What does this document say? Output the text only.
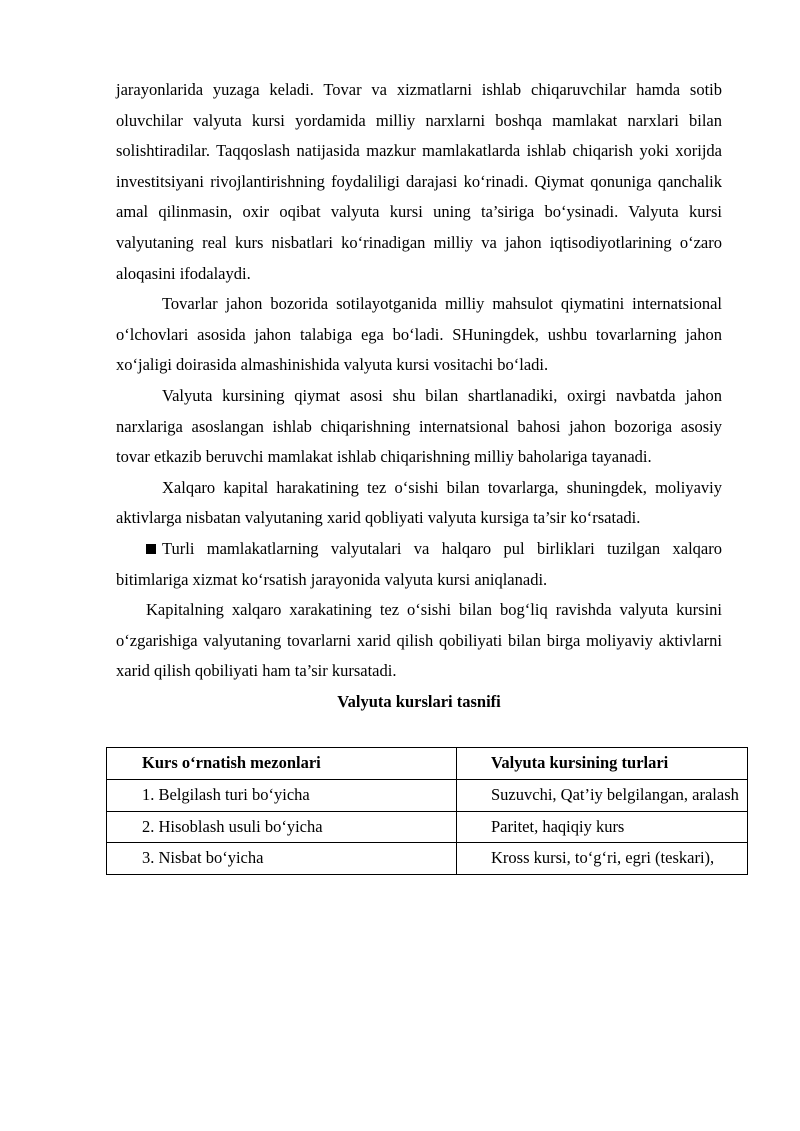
jarayonlarida yuzaga keladi. Tovar va xizmatlarni ishlab chiqaruvchilar hamda sotib oluvchilar valyuta kursi yordamida milliy narxlarni boshqa mamlakat narxlari bilan solishtiradilar. Taqqoslash natijasida mazkur mamlakatlarda ishlab chiqarish yoki xorijda investitsiyani rivojlantirishning foydaliligi darajasi ko‘rinadi. Qiymat qonuniga qanchalik amal qilinmasin, oxir oqibat valyuta kursi uning ta’siriga bo‘ysinadi. Valyuta kursi valyutaning real kurs nisbatlari ko‘rinadigan milliy va jahon iqtisodiyotlarining o‘zaro aloqasini ifodalaydi.

Tovarlar jahon bozorida sotilayotganida milliy mahsulot qiymatini internatsional o‘lchovlari asosida jahon talabiga ega bo‘ladi. SHuningdek, ushbu tovarlarning jahon xo‘jaligi doirasida almashinishida valyuta kursi vositachi bo‘ladi.

Valyuta kursining qiymat asosi shu bilan shartlanadiki, oxirgi navbatda jahon narxlariga asoslangan ishlab chiqarishning internatsional bahosi jahon bozoriga asosiy tovar etkazib beruvchi mamlakat ishlab chiqarishning milliy baholariga tayanadi.

Xalqaro kapital harakatining tez o‘sishi bilan tovarlarga, shuningdek, moliyaviy aktivlarga nisbatan valyutaning xarid qobliyati valyuta kursiga ta’sir ko‘rsatadi.

Turli mamlakatlarning valyutalari va halqaro pul birliklari tuzilgan xalqaro bitimlariga xizmat ko‘rsatish jarayonida valyuta kursi aniqlanadi.

Kapitalning xalqaro xarakatining tez o‘sishi bilan bog‘liq ravishda valyuta kursini o‘zgarishiga valyutaning tovarlarni xarid qilish qobiliyati bilan birga moliyaviy aktivlarni xarid qilish qobiliyati ham ta’sir kursatadi.

Valyuta kurslari tasnifi

Kurs o‘rnatish mezonlari	Valyuta kursining turlari

1. Belgilash turi bo‘yicha	Suzuvchi, Qat’iy belgilangan, aralash

2. Hisoblash usuli bo‘yicha	Paritet, haqiqiy kurs

3. Nisbat bo‘yicha	Kross kursi, to‘g‘ri, egri (teskari),
